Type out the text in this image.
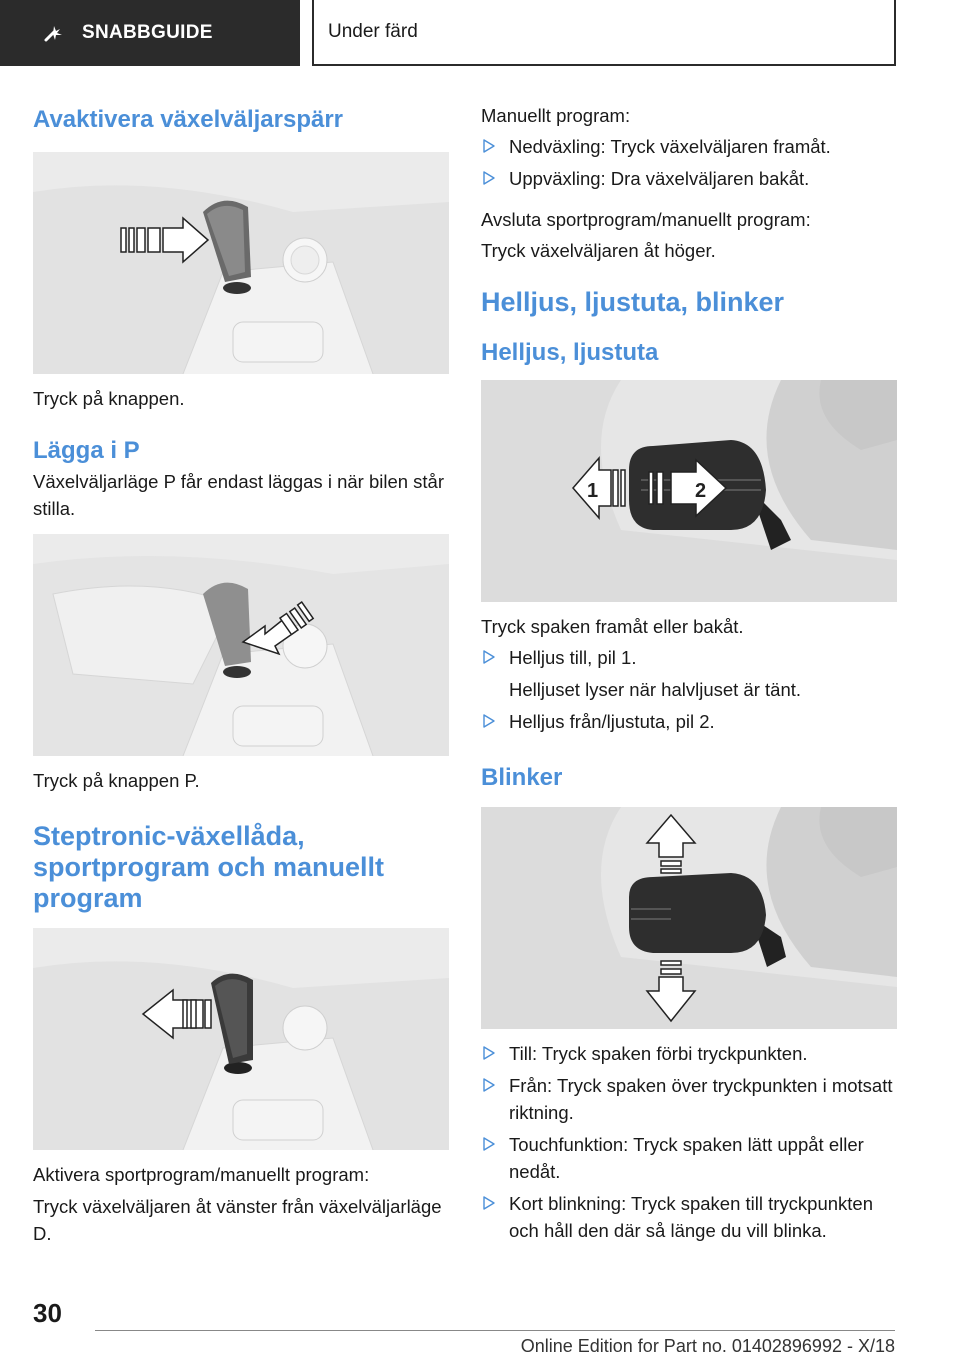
SNABBGUIDE	Under färd
Avaktivera växelväljarspärr

Tryck på knappen.

Lägga i P

Växelväljarläge P får endast läggas i när bilen står stilla.

Tryck på knappen P.

Steptronic-växellåda, sportprogram och manuellt program

Aktivera sportprogram/manuellt program:

Tryck växelväljaren åt vänster från växelväljarläge D.

Manuellt program:

Nedväxling: Tryck växelväljaren framåt.
Uppväxling: Dra växelväljaren bakåt.

Avsluta sportprogram/manuellt program:

Tryck växelväljaren åt höger.

Helljus, ljustuta, blinker
Helljus, ljustuta
1	2

Tryck spaken framåt eller bakåt.

Helljus till, pil 1.

Helljuset lyser när halvljuset är tänt.

Helljus från/ljustuta, pil 2.
Blinker
Till: Tryck spaken förbi tryckpunkten.
Från: Tryck spaken över tryckpunkten i motsatt riktning.
Touchfunktion: Tryck spaken lätt uppåt eller nedåt.
Kort blinkning: Tryck spaken till tryckpunkten och håll den där så länge du vill blinka.
30
Online Edition for Part no. 01402896992 - X/18
